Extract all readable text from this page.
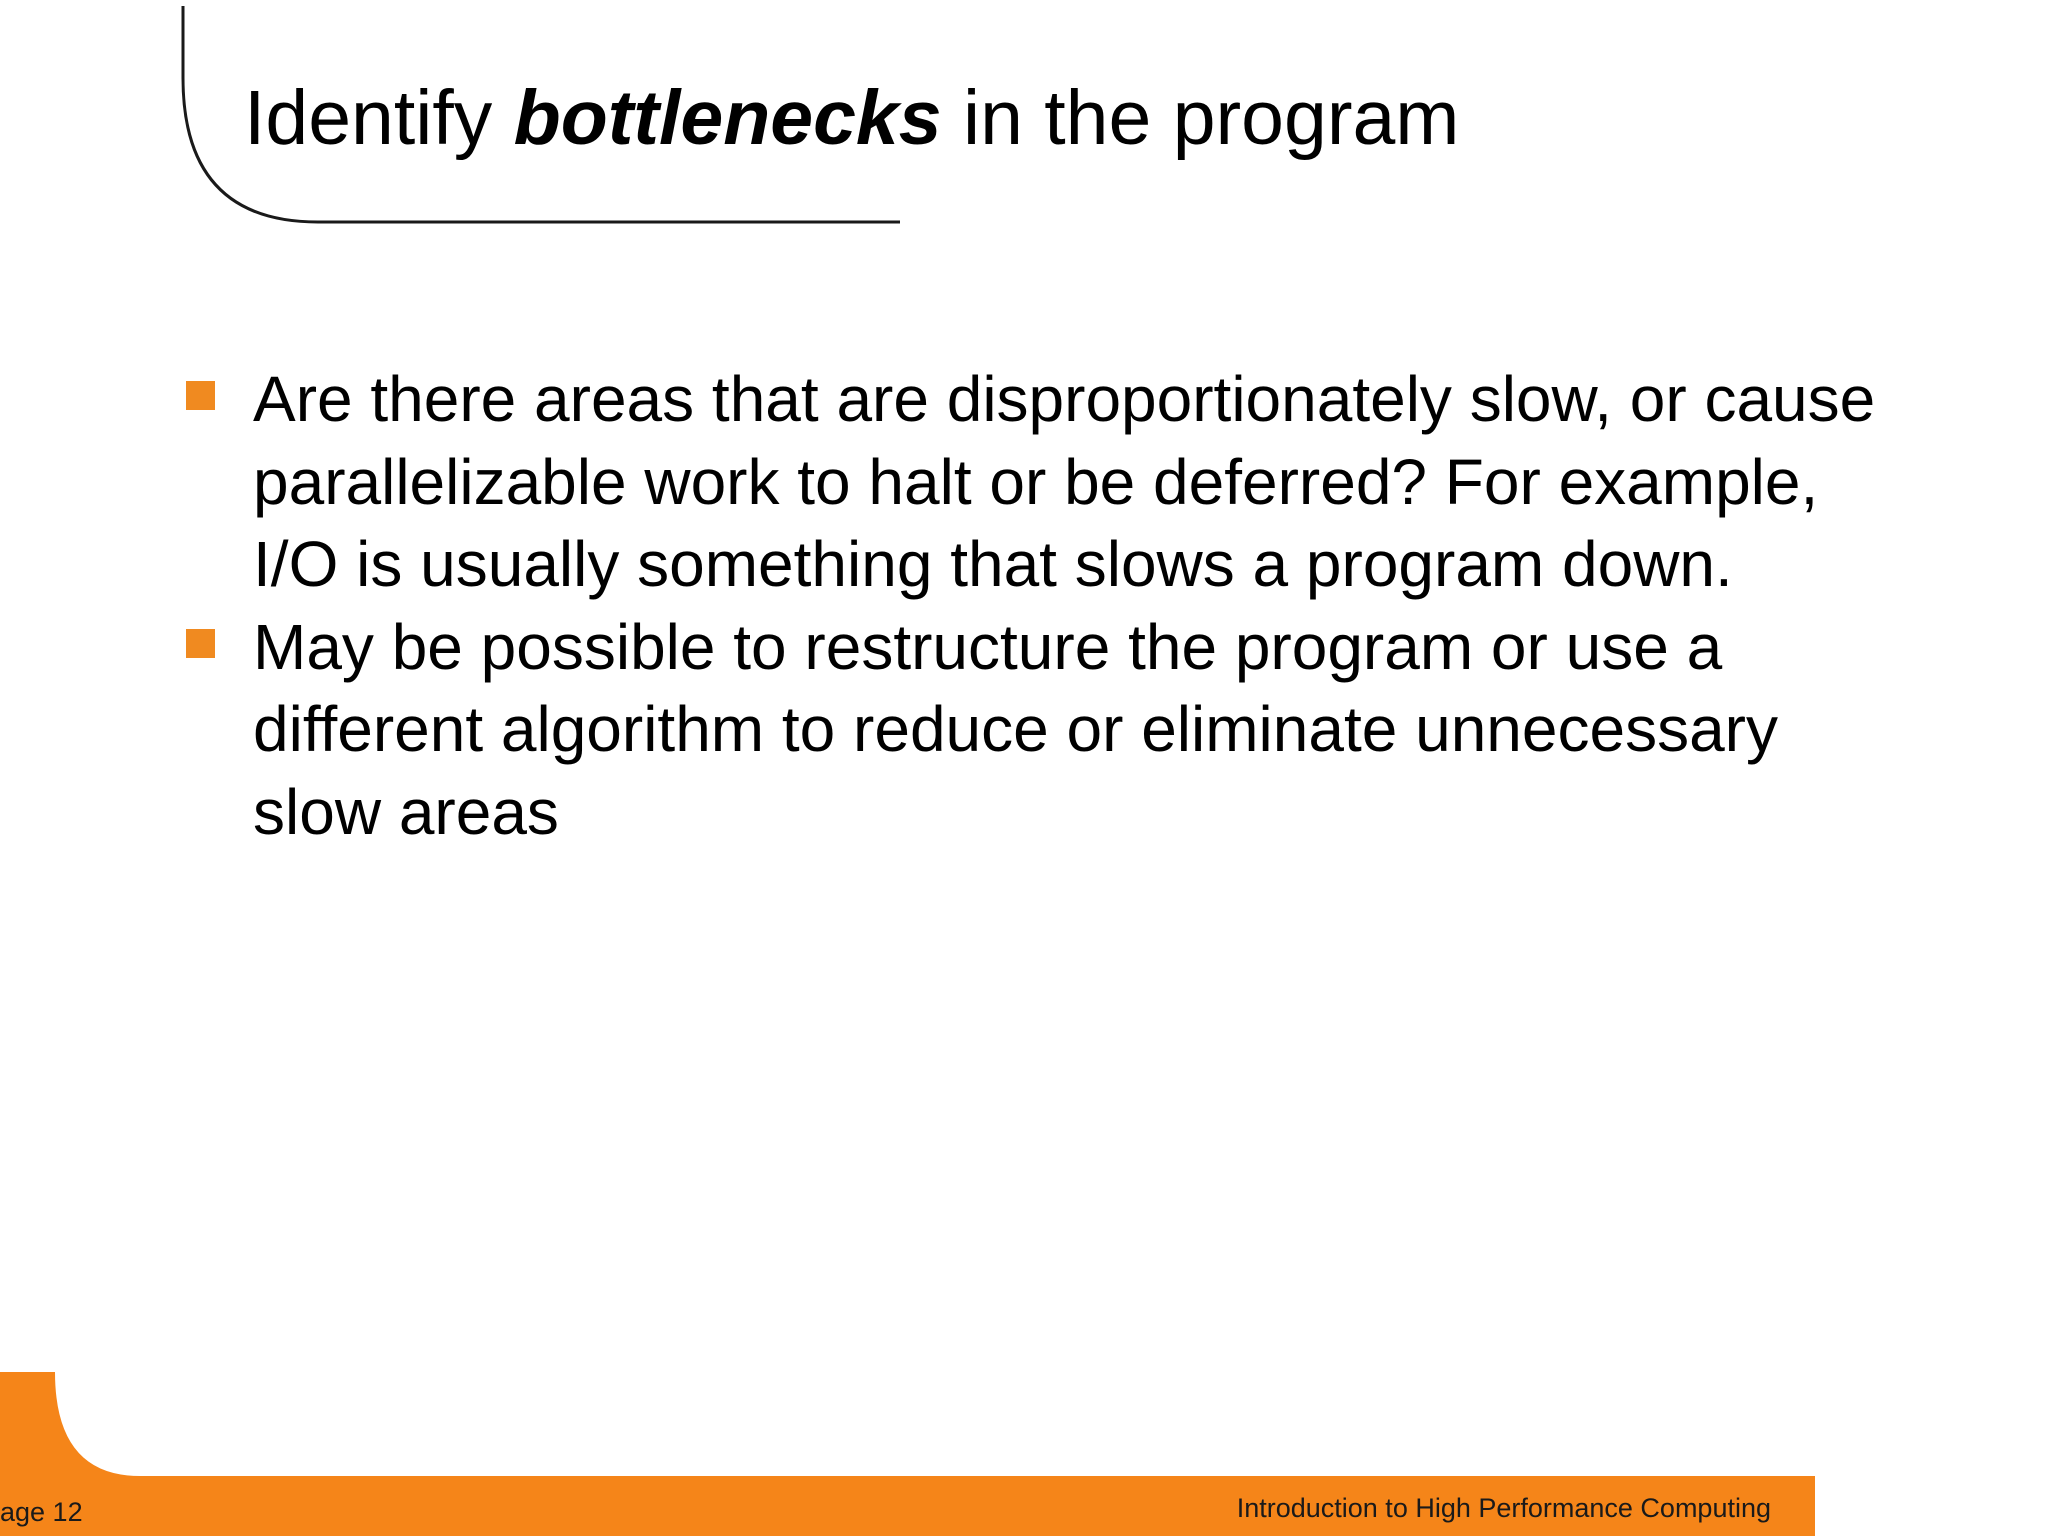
Identify bottlenecks in the program
Are there areas that are disproportionately slow, or cause parallelizable work to halt or be deferred? For example, I/O is usually something that slows a program down.
May be possible to restructure the program or use a different algorithm to reduce or eliminate unnecessary slow areas
age 12	Introduction to High Performance Computing
